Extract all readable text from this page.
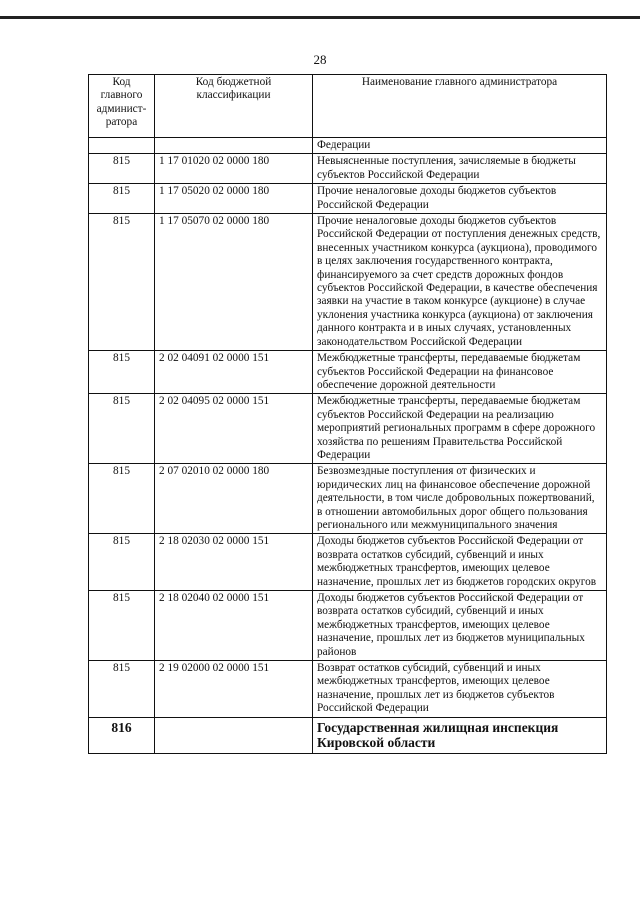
28
Код главного админист-ратора	Код бюджетной классификации	Наименование главного администратора
		Федерации
815	1 17 01020 02 0000 180	Невыясненные поступления, зачисляемые в бюджеты субъектов Российской Федерации
815	1 17 05020 02 0000 180	Прочие неналоговые доходы бюджетов субъектов Российской Федерации
815	1 17 05070 02 0000 180	Прочие неналоговые доходы бюджетов субъектов Российской Федерации от поступления денежных средств, внесенных участником конкурса (аукциона), проводимого в целях заключения государственного контракта, финансируемого за счет средств дорожных фондов субъектов Российской Федерации, в качестве обеспечения заявки на участие в таком конкурсе (аукционе) в случае уклонения участника конкурса (аукциона) от заключения данного контракта и в иных случаях, установленных законодательством Российской Федерации
815	2 02 04091 02 0000 151	Межбюджетные трансферты, передаваемые бюджетам субъектов Российской Федерации на финансовое обеспечение дорожной деятельности
815	2 02 04095 02 0000 151	Межбюджетные трансферты, передаваемые бюджетам субъектов Российской Федерации на реализацию мероприятий региональных программ в сфере дорожного хозяйства по решениям Правительства Российской Федерации
815	2 07 02010 02 0000 180	Безвозмездные поступления от физических и юридических лиц на финансовое обеспечение дорожной деятельности, в том числе добровольных пожертвований, в отношении автомобильных дорог общего пользования регионального или межмуниципального значения
815	2 18 02030 02 0000 151	Доходы бюджетов субъектов Российской Федерации от возврата остатков субсидий, субвенций и иных межбюджетных трансфертов, имеющих целевое назначение, прошлых лет из бюджетов городских округов
815	2 18 02040 02 0000 151	Доходы бюджетов субъектов Российской Федерации от возврата остатков субсидий, субвенций и иных межбюджетных трансфертов, имеющих целевое назначение, прошлых лет из бюджетов муниципальных районов
815	2 19 02000 02 0000 151	Возврат остатков субсидий, субвенций и иных межбюджетных трансфертов, имеющих целевое назначение, прошлых лет из бюджетов субъектов Российской Федерации
816		Государственная жилищная инспекция Кировской области
